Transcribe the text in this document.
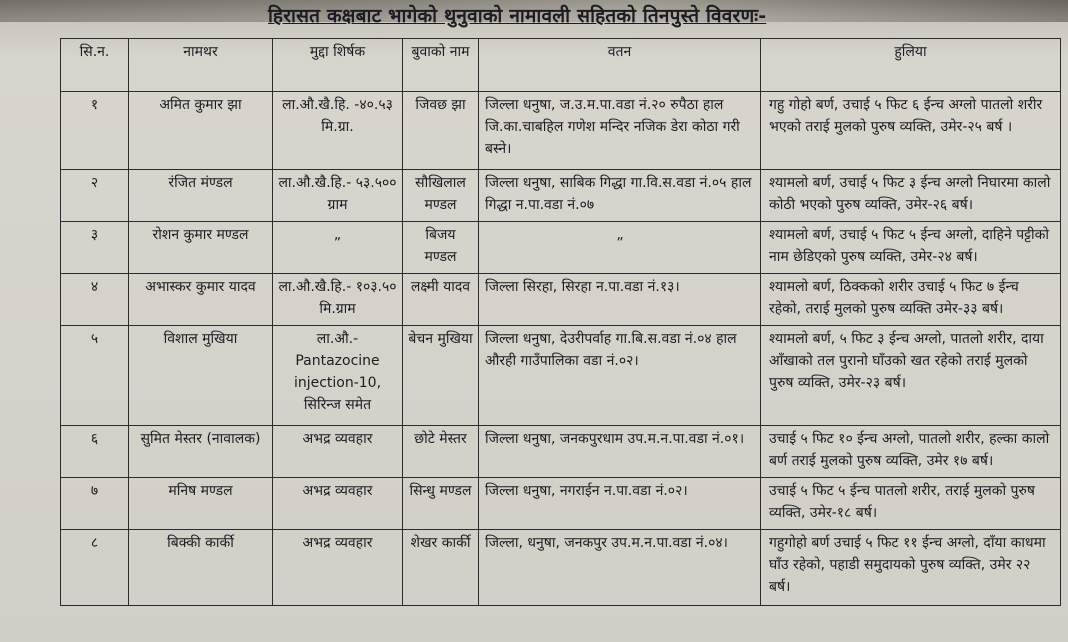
हिरासत कक्षबाट भागेको थुनुवाको नामावली सहितको तिनपुस्ते विवरणः-
सि.न.	नामथर	मुद्दा शिर्षक	बुवाको नाम	वतन	हुलिया
१	अमित कुमार झा	ला.औ.खै.हि. -४०.५३ मि.ग्रा.	जिवछ झा	जिल्ला धनुषा, ज.उ.म.पा.वडा नं.२० रुपैठा हाल जि.का.चाबहिल गणेश मन्दिर नजिक डेरा कोठा गरी बस्ने।	गहु गोहो बर्ण, उचाई ५ फिट ६ ईन्च अग्लो पातलो शरीर भएको तराई मुलको पुरुष व्यक्ति, उमेर-२५ बर्ष ।
२	रंजित मंण्डल	ला.औ.खै.हि.- ५३.५०० ग्राम	सौखिलाल मण्डल	जिल्ला धनुषा, साबिक गिद्धा गा.वि.स.वडा नं.०५ हाल गिद्धा न.पा.वडा नं.०७	श्यामलो बर्ण, उचाई ५ फिट ३ ईन्च अग्लो निघारमा कालो कोठी भएको पुरुष व्यक्ति, उमेर-२६ बर्ष।
३	रोशन कुमार मण्डल	„	बिजय मण्डल	„	श्यामलो बर्ण, उचाई ५ फिट ५ ईन्च अग्लो, दाहिने पट्टीको नाम छेडिएको पुरुष व्यक्ति, उमेर-२४ बर्ष।
४	अभास्कर कुमार यादव	ला.औ.खै.हि.- १०३.५० मि.ग्राम	लक्ष्मी यादव	जिल्ला सिरहा, सिरहा न.पा.वडा नं.१३।	श्यामलो बर्ण, ठिक्कको शरीर उचाई ५ फिट ७ ईन्च रहेको, तराई मुलको पुरुष व्यक्ति उमेर-३३ बर्ष।
५	विशाल मुखिया	ला.औ.- Pantazocine injection-10, सिरिन्ज समेत	बेचन मुखिया	जिल्ला धनुषा, देउरीपर्वाह गा.बि.स.वडा नं.०४ हाल औरही गाउँपालिका वडा नं.०२।	श्यामलो बर्ण, ५ फिट ३ ईन्च अग्लो, पातलो शरीर, दाया आँखाको तल पुरानो घाँउको खत रहेको तराई मुलको पुरुष व्यक्ति, उमेर-२३ बर्ष।
६	सुमित मेस्तर (नावालक)	अभद्र व्यवहार	छोटे मेस्तर	जिल्ला धनुषा, जनकपुरधाम उप.म.न.पा.वडा नं.०१।	उचाई ५ फिट १० ईन्च अग्लो, पातलो शरीर, हल्का कालो बर्ण तराई मुलको पुरुष व्यक्ति, उमेर १७ बर्ष।
७	मनिष मण्डल	अभद्र व्यवहार	सिन्धु मण्डल	जिल्ला धनुषा, नगराईन न.पा.वडा नं.०२।	उचाई ५ फिट ५ ईन्च पातलो शरीर, तराई मुलको पुरुष व्यक्ति, उमेर-१८ बर्ष।
८	बिक्की कार्की	अभद्र व्यवहार	शेखर कार्की	जिल्ला, धनुषा, जनकपुर उप.म.न.पा.वडा नं.०४।	गहुगोहो बर्ण उचाई ५ फिट ११ ईन्च अग्लो, दाँया काधमा घाँउ रहेको, पहाडी समुदायको पुरुष व्यक्ति, उमेर २२ बर्ष।
